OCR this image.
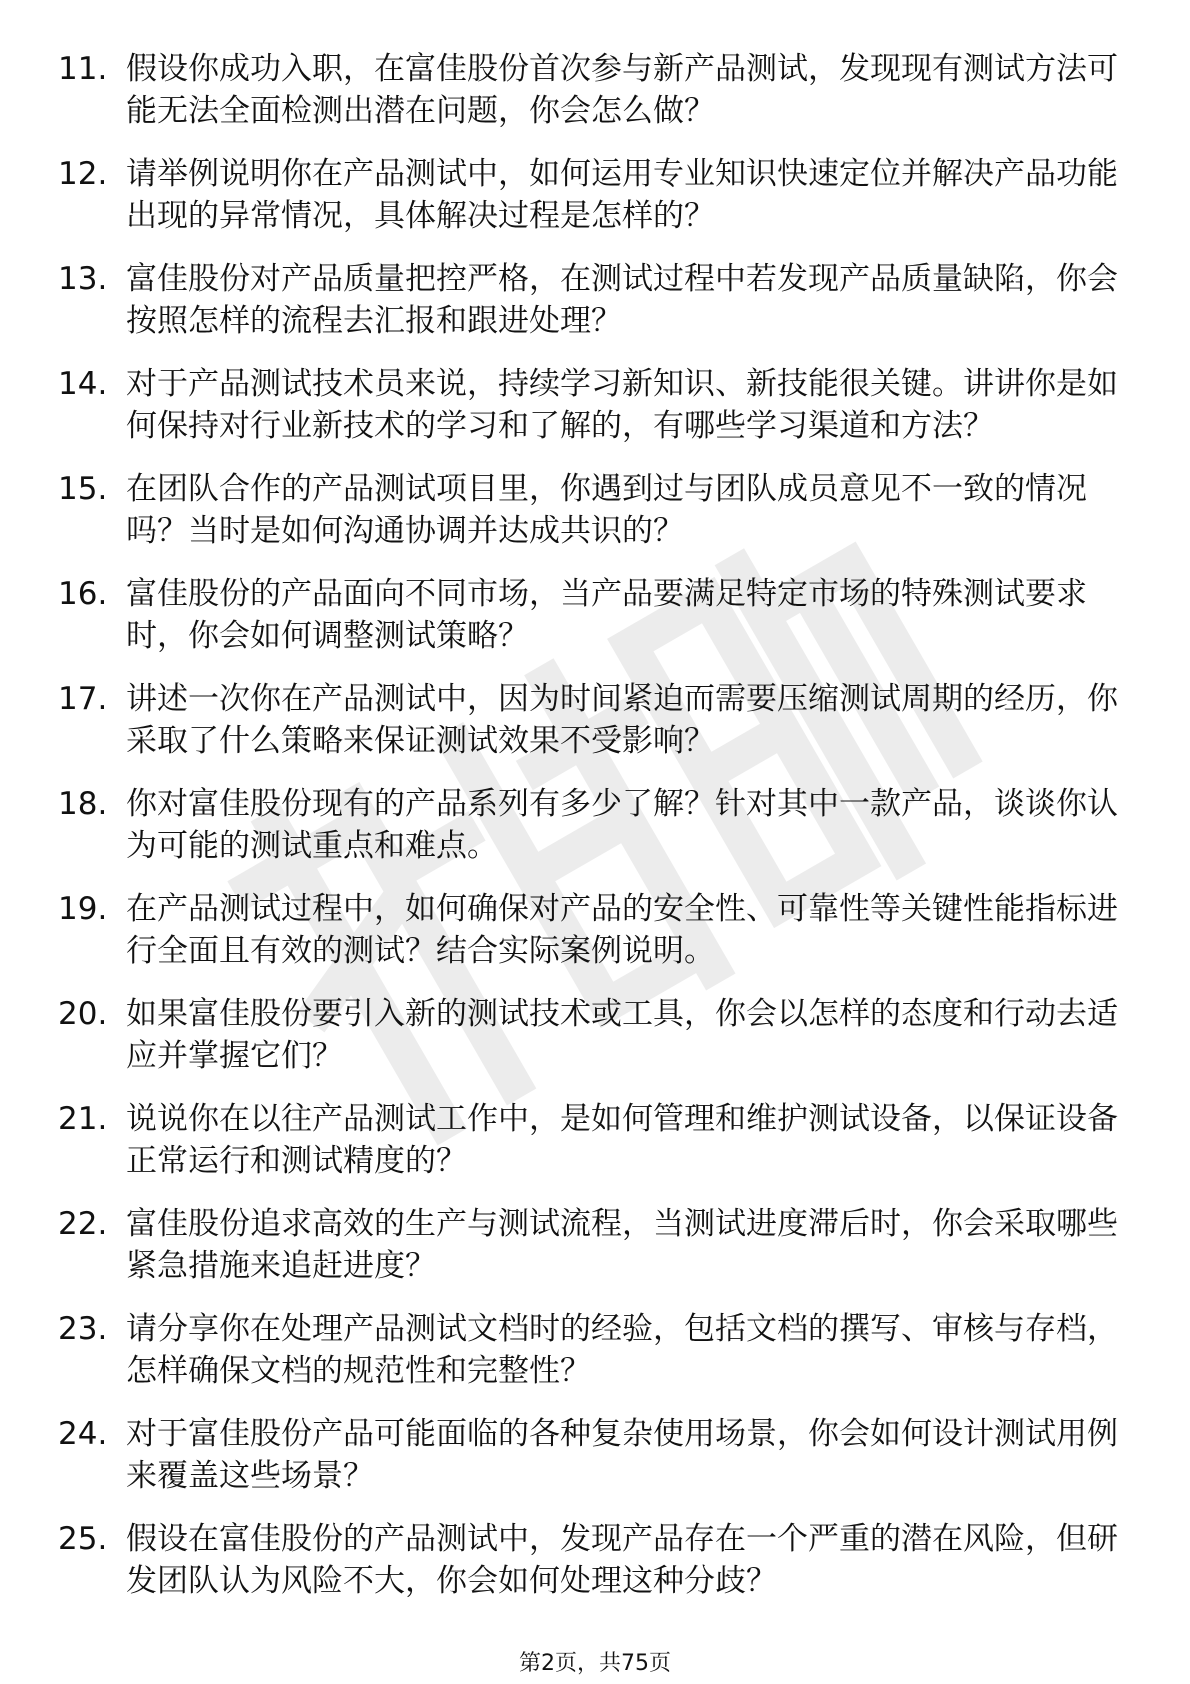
11. 假设你成功入职，在富佳股份首次参与新产品测试，发现现有测试方法可能无法全面检测出潜在问题，你会怎么做？
12. 请举例说明你在产品测试中，如何运用专业知识快速定位并解决产品功能出现的异常情况，具体解决过程是怎样的？
13. 富佳股份对产品质量把控严格，在测试过程中若发现产品质量缺陷，你会按照怎样的流程去汇报和跟进处理？
14. 对于产品测试技术员来说，持续学习新知识、新技能很关键。讲讲你是如何保持对行业新技术的学习和了解的，有哪些学习渠道和方法？
15. 在团队合作的产品测试项目里，你遇到过与团队成员意见不一致的情况吗？当时是如何沟通协调并达成共识的？
16. 富佳股份的产品面向不同市场，当产品要满足特定市场的特殊测试要求时，你会如何调整测试策略？
17. 讲述一次你在产品测试中，因为时间紧迫而需要压缩测试周期的经历，你采取了什么策略来保证测试效果不受影响？
18. 你对富佳股份现有的产品系列有多少了解？针对其中一款产品，谈谈你认为可能的测试重点和难点。
19. 在产品测试过程中，如何确保对产品的安全性、可靠性等关键性能指标进行全面且有效的测试？结合实际案例说明。
20. 如果富佳股份要引入新的测试技术或工具，你会以怎样的态度和行动去适应并掌握它们？
21. 说说你在以往产品测试工作中，是如何管理和维护测试设备，以保证设备正常运行和测试精度的？
22. 富佳股份追求高效的生产与测试流程，当测试进度滞后时，你会采取哪些紧急措施来追赶进度？
23. 请分享你在处理产品测试文档时的经验，包括文档的撰写、审核与存档，怎样确保文档的规范性和完整性？
24. 对于富佳股份产品可能面临的各种复杂使用场景，你会如何设计测试用例来覆盖这些场景？
25. 假设在富佳股份的产品测试中，发现产品存在一个严重的潜在风险，但研发团队认为风险不大，你会如何处理这种分歧？
第2页，共75页
